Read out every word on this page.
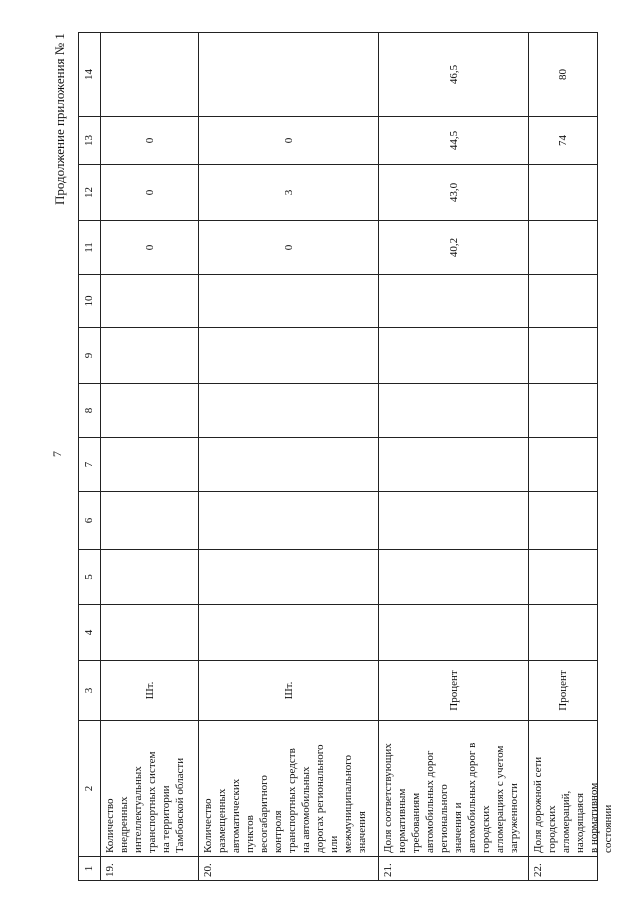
7
Продолжение приложения № 1
1
2
3
4
5
6
7
8
9
10
11
12
13
14
19.
Количество
внедренных
интеллектуальных
транспортных систем
на территории
Тамбовской области
Шт.
0
0
0
20.
Количество
размещенных
автоматических
пунктов
весогабаритного
контроля
транспортных средств
на автомобильных
дорогах регионального
или
межмуниципального
значения
Шт.
0
3
0
21.
Доля соответствующих
нормативным
требованиям
автомобильных дорог
регионального
значения и
автомобильных дорог в
городских
агломерациях с учетом
загруженности
Процент
40,2
43,0
44,5
46,5
22.
Доля дорожной сети
городских
агломераций,
находящаяся
в нормативном
состоянии
Процент
74
80
